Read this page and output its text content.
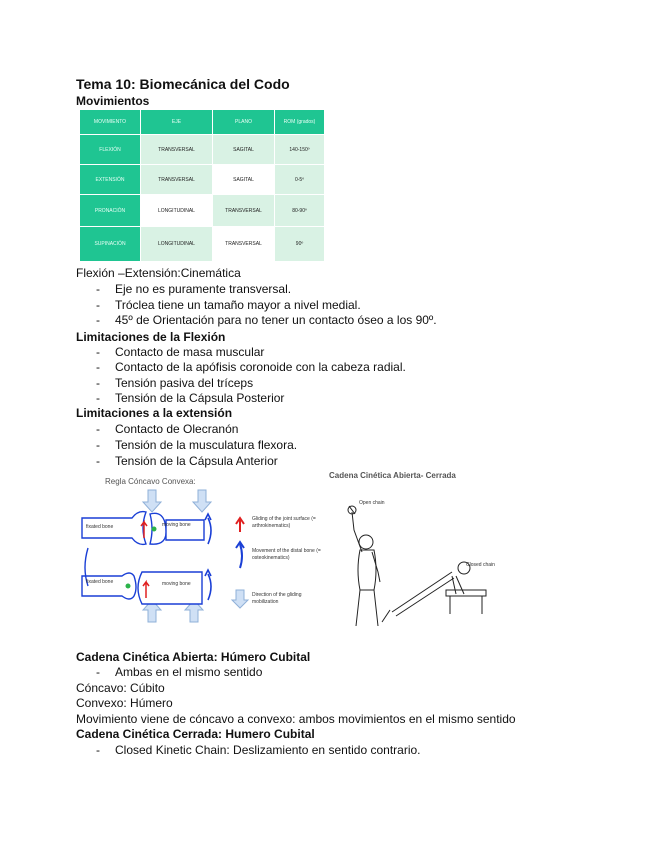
Tema 10: Biomecánica del Codo
Movimientos
MOVIMIENTO	EJE	PLANO	ROM (grados)
FLEXIÓN	TRANSVERSAL	SAGITAL	140-150º
EXTENSIÓN	TRANSVERSAL	SAGITAL	0-5º
PRONACIÓN	LONGITUDINAL	TRANSVERSAL	80-90º
SUPINACIÓN	LONGITUDINAL	TRANSVERSAL	90º
Flexión –Extensión:Cinemática
- Eje no es puramente transversal.
- Tróclea tiene un tamaño mayor a nivel medial.
- 45º de Orientación para no tener un contacto óseo a los 90º.
Limitaciones de la Flexión
- Contacto de masa muscular
- Contacto de la apófisis coronoide con la cabeza radial.
- Tensión pasiva del tríceps
- Tensión de la Cápsula Posterior
Limitaciones a la extensión
- Contacto de Olecranón
- Tensión de la musculatura flexora.
- Tensión de la Cápsula Anterior
Regla Cóncavo Convexa:
fixated bone	moving bone
fixated bone	moving bone
Gliding of the joint surface (= arthrokinematics)
Movement of the distal bone (= osteokinematics)
Direction of the gliding mobilization
Cadena Cinética Abierta- Cerrada
Open chain
Closed chain
Cadena Cinética Abierta: Húmero Cubital
- Ambas en el mismo sentido
Cóncavo: Cúbito
Convexo: Húmero
Movimiento viene de cóncavo a convexo: ambos movimientos en el mismo sentido
Cadena Cinética Cerrada: Humero Cubital
- Closed Kinetic Chain: Deslizamiento en sentido contrario.
